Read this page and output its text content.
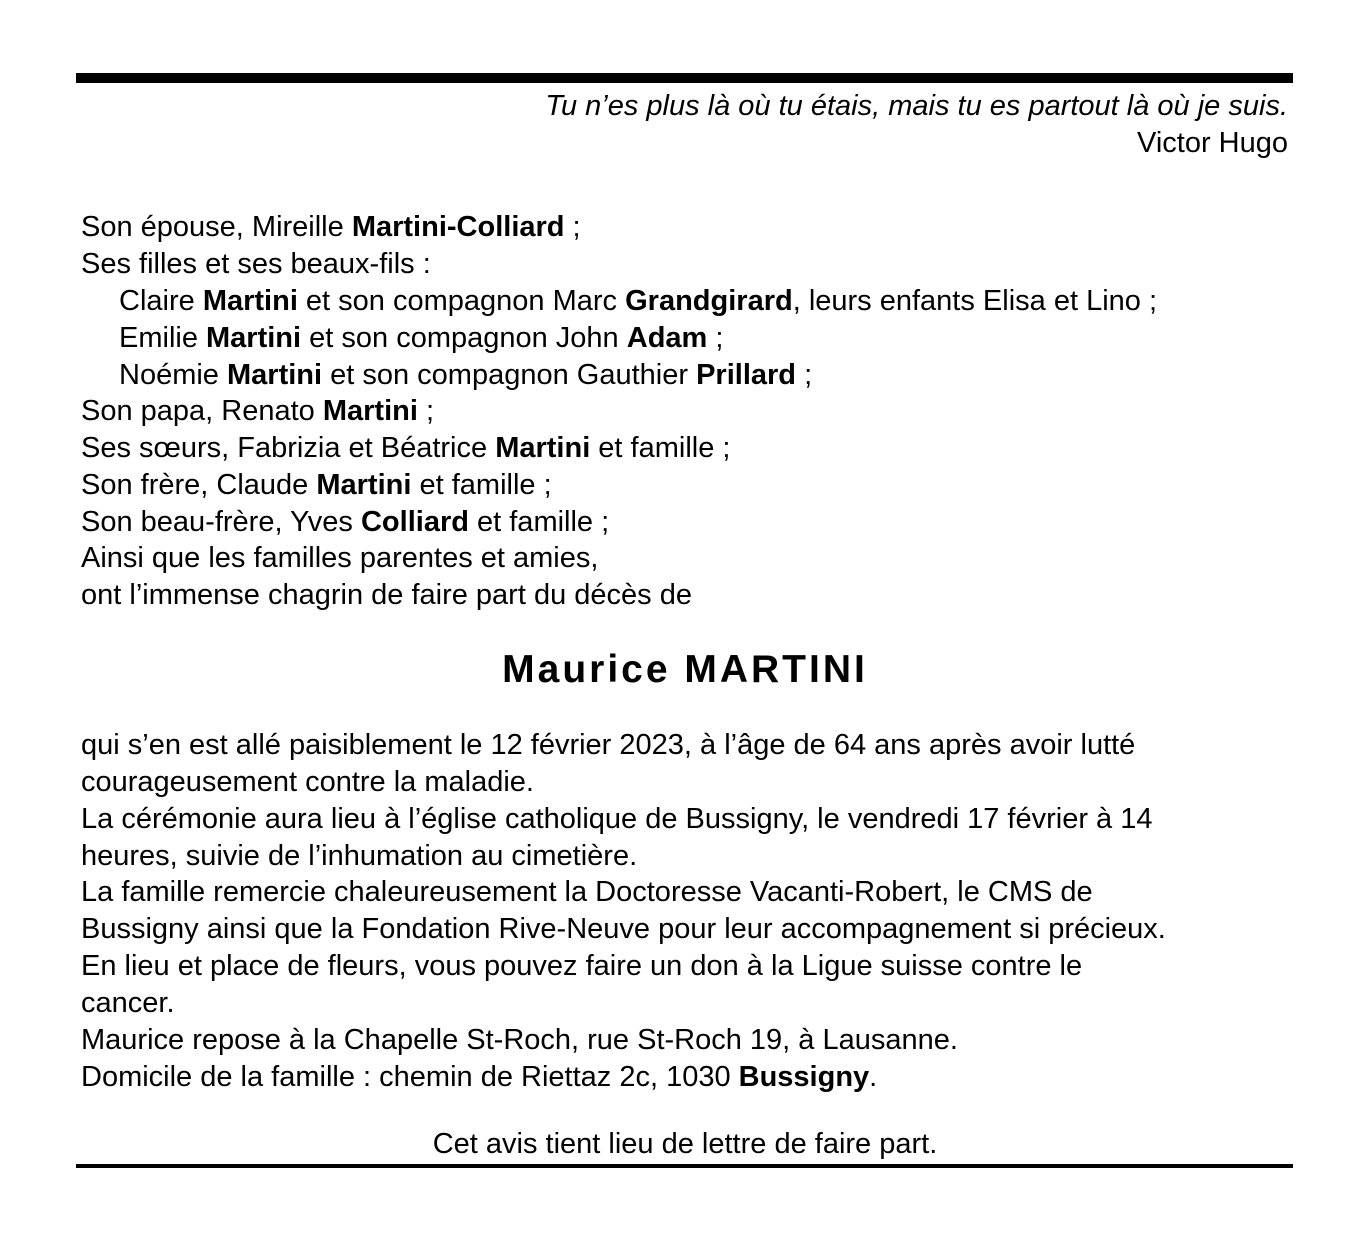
Tu n’es plus là où tu étais, mais tu es partout là où je suis.
Victor Hugo
Son épouse, Mireille Martini-Colliard ;
Ses filles et ses beaux-fils :
Claire Martini et son compagnon Marc Grandgirard, leurs enfants Elisa et Lino ;
Emilie Martini et son compagnon John Adam ;
Noémie Martini et son compagnon Gauthier Prillard ;
Son papa, Renato Martini ;
Ses sœurs, Fabrizia et Béatrice Martini et famille ;
Son frère, Claude Martini et famille ;
Son beau-frère, Yves Colliard et famille ;
Ainsi que les familles parentes et amies,
ont l’immense chagrin de faire part du décès de
Maurice MARTINI
qui s’en est allé paisiblement le 12 février 2023, à l’âge de 64 ans après avoir lutté
courageusement contre la maladie.
La cérémonie aura lieu à l’église catholique de Bussigny, le vendredi 17 février à 14
heures, suivie de l’inhumation au cimetière.
La famille remercie chaleureusement la Doctoresse Vacanti-Robert, le CMS de
Bussigny ainsi que la Fondation Rive-Neuve pour leur accompagnement si précieux.
En lieu et place de fleurs, vous pouvez faire un don à la Ligue suisse contre le
cancer.
Maurice repose à la Chapelle St-Roch, rue St-Roch 19, à Lausanne.
Domicile de la famille : chemin de Riettaz 2c, 1030 Bussigny.
Cet avis tient lieu de lettre de faire part.
